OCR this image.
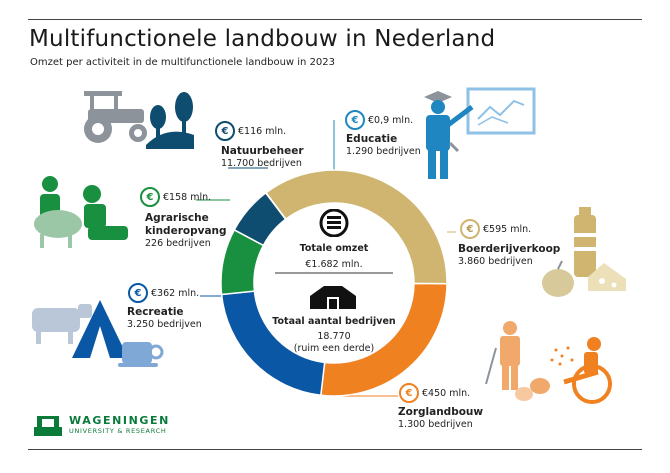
Multifunctionele landbouw in Nederland
Omzet per activiteit in de multifunctionele landbouw in 2023
Totale omzet
€1.682 mln.
Totaal aantal bedrijven
18.770
(ruim een derde)
€	€116 mln.
Natuurbeheer
11.700 bedrijven
€	€0,9 mln.
Educatie
1.290 bedrijven
€	€595 mln.
Boerderijverkoop
3.860 bedrijven
€	€450 mln.
Zorglandbouw
1.300 bedrijven
€	€362 mln.
Recreatie
3.250 bedrijven
€	€158 mln.
Agrarische
kinderopvang
226 bedrijven
WAGENINGEN
UNIVERSITY & RESEARCH
